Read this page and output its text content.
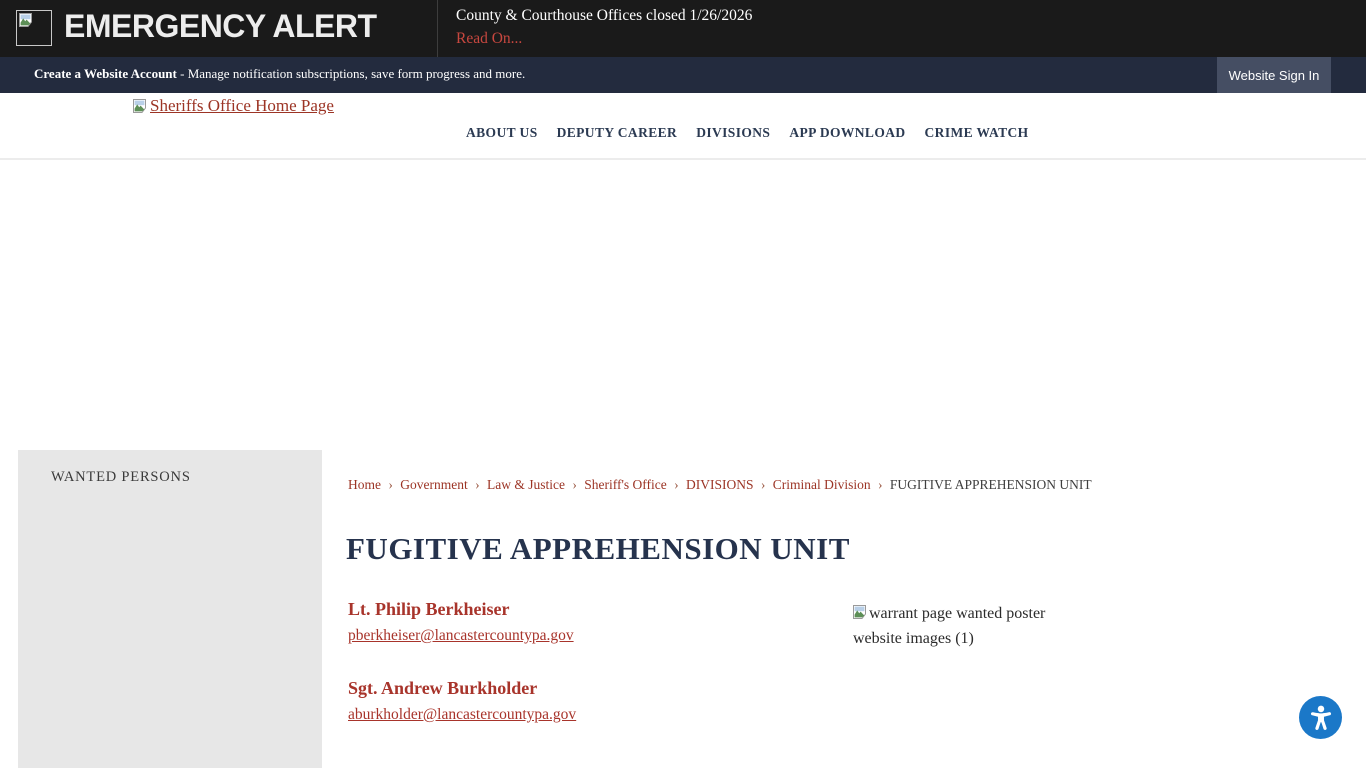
EMERGENCY ALERT	County & Courthouse Offices closed 1/26/2026
Read On...
Create a Website Account - Manage notification subscriptions, save form progress and more.	Website Sign In
Sheriffs Office Home Page
ABOUT US DEPUTY CAREER DIVISIONS APP DOWNLOAD CRIME WATCH
WANTED PERSONS	Home › Government › Law & Justice › Sheriff's Office › DIVISIONS › Criminal Division › FUGITIVE APPREHENSION UNIT
FUGITIVE APPREHENSION UNIT
Lt. Philip Berkheiser
pberkheiser@lancastercountypa.gov
Sgt. Andrew Burkholder
aburkholder@lancastercountypa.gov
warrant page wanted poster website images (1)
